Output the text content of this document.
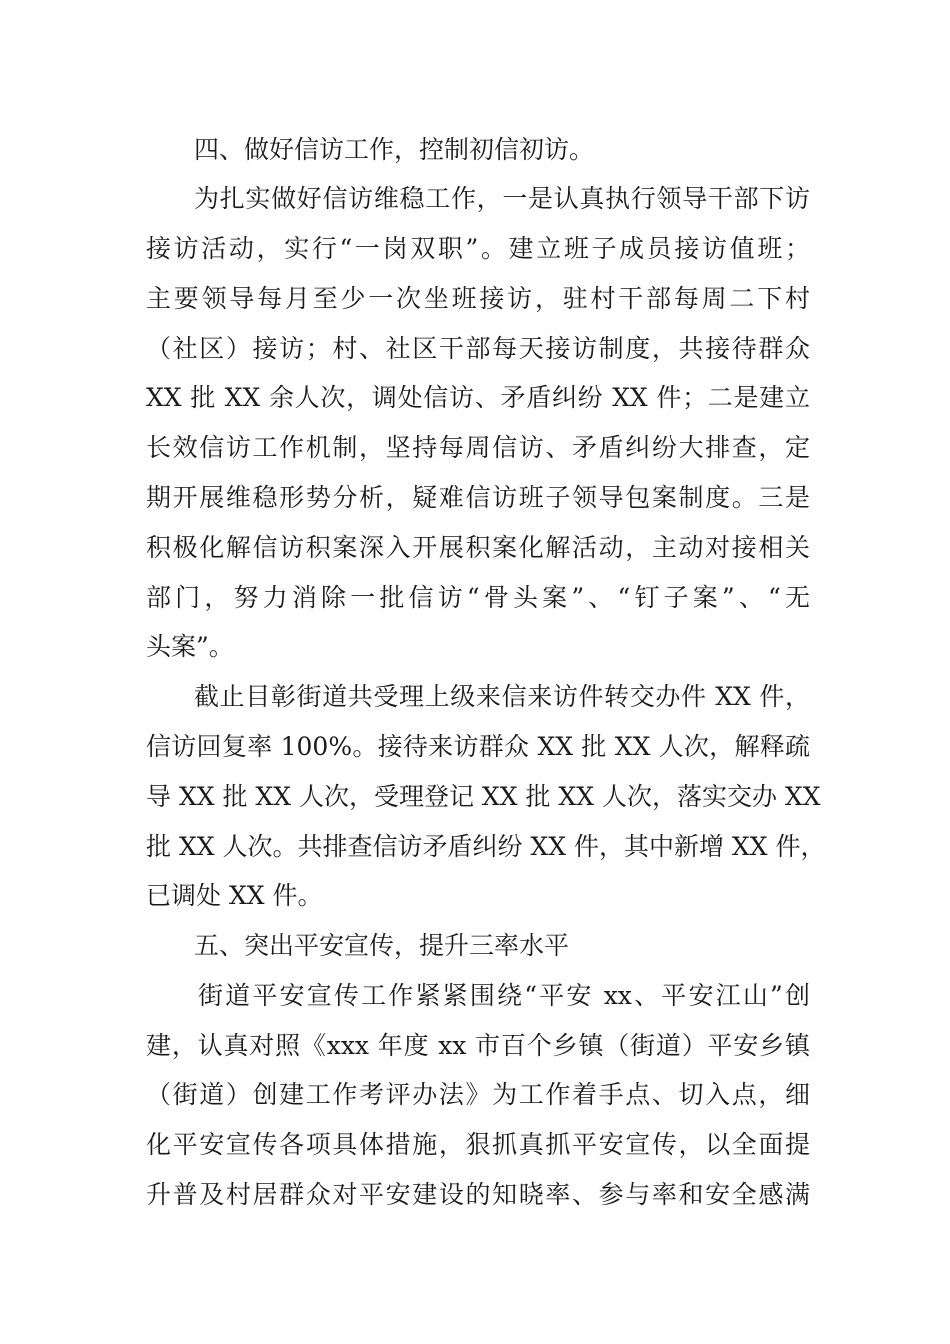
四、做好信访工作，控制初信初访。

为扎实做好信访维稳工作，一是认真执行领导干部下访

接访活动，实行“一岗双职”。建立班子成员接访值班；

主要领导每月至少一次坐班接访，驻村干部每周二下村

（社区）接访；村、社区干部每天接访制度，共接待群众

XX 批 XX 余人次，调处信访、矛盾纠纷 XX 件；二是建立

长效信访工作机制，坚持每周信访、矛盾纠纷大排查，定

期开展维稳形势分析，疑难信访班子领导包案制度。三是

积极化解信访积案深入开展积案化解活动，主动对接相关

部门，努力消除一批信访“骨头案”、“钉子案”、“无

头案”。

截止目彰街道共受理上级来信来访件转交办件 XX 件，

信访回复率 100%。接待来访群众 XX 批 XX 人次，解释疏

导 XX 批 XX 人次，受理登记 XX 批 XX 人次，落实交办 XX

批 XX 人次。共排查信访矛盾纠纷 XX 件，其中新增 XX 件，

已调处 XX 件。

五、突出平安宣传，提升三率水平

街道平安宣传工作紧紧围绕“平安 xx、平安江山”创

建，认真对照《xxx 年度 xx 市百个乡镇（街道）平安乡镇

（街道）创建工作考评办法》为工作着手点、切入点，细

化平安宣传各项具体措施，狠抓真抓平安宣传，以全面提

升普及村居群众对平安建设的知晓率、参与率和安全感满
